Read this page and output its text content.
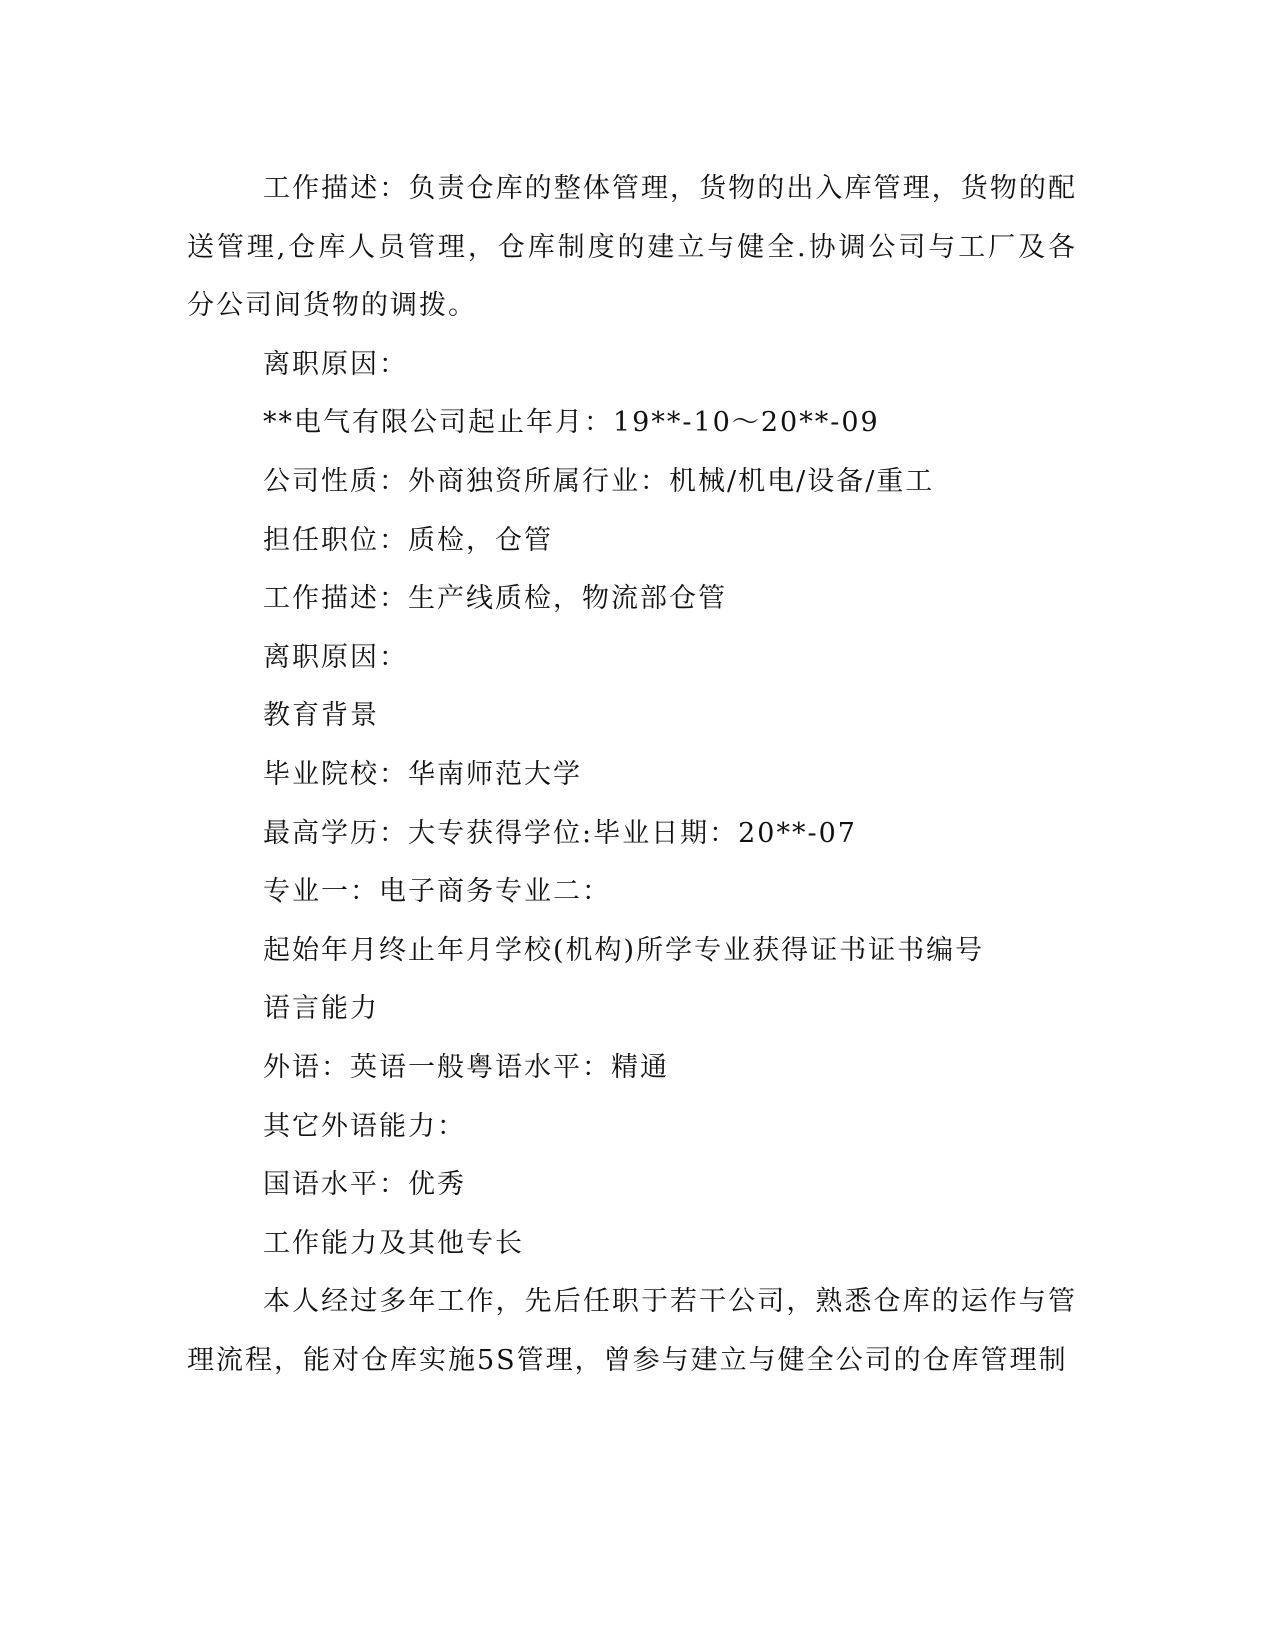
工作描述：负责仓库的整体管理，货物的出入库管理，货物的配送管理,仓库人员管理，仓库制度的建立与健全.协调公司与工厂及各分公司间货物的调拨。

离职原因：

**电气有限公司起止年月：19**-10～20**-09

公司性质：外商独资所属行业：机械/机电/设备/重工

担任职位：质检，仓管

工作描述：生产线质检，物流部仓管

离职原因：

教育背景

毕业院校：华南师范大学

最高学历：大专获得学位:毕业日期：20**-07

专业一：电子商务专业二：

起始年月终止年月学校(机构)所学专业获得证书证书编号

语言能力

外语：英语一般粤语水平：精通

其它外语能力：

国语水平：优秀

工作能力及其他专长

本人经过多年工作，先后任职于若干公司，熟悉仓库的运作与管理流程，能对仓库实施5S管理，曾参与建立与健全公司的仓库管理制
